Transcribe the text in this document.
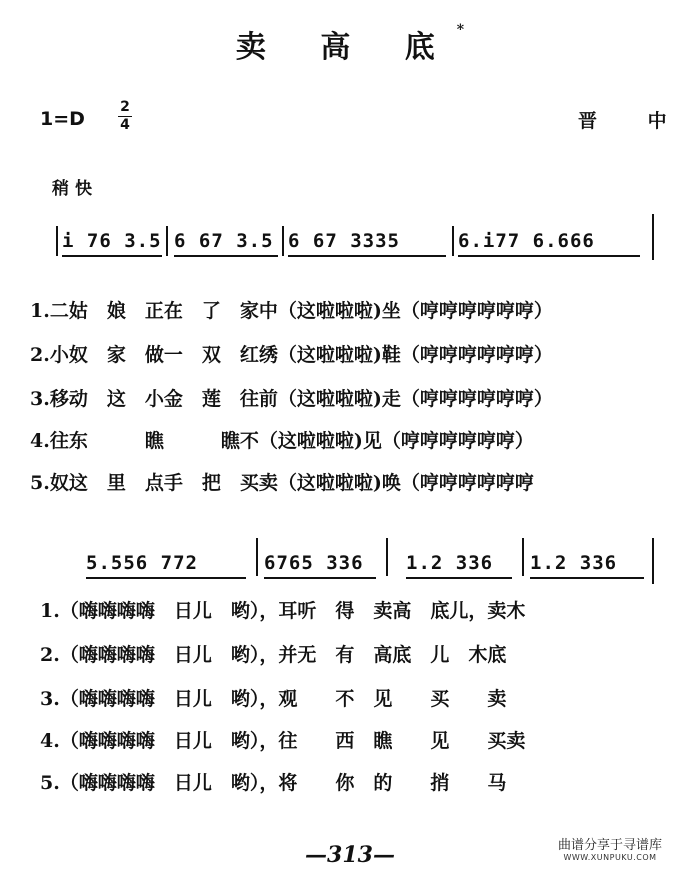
卖 高 底*
1=D
2
4	晋 中
稍快
i 76 3.5 6 67 3.5 6 67 3335	6.i77 6.666
1.二姑　娘　正在　了　家中（这啦啦啦)坐（哼哼哼哼哼哼）
2.小奴　家　做一　双　红绣（这啦啦啦)鞋（哼哼哼哼哼哼）
3.移动　这　小金　莲　往前（这啦啦啦)走（哼哼哼哼哼哼）
4.往东　　　瞧　　　瞧不（这啦啦啦)见（哼哼哼哼哼哼）
5.奴这　里　点手　把　买卖（这啦啦啦)唤（哼哼哼哼哼哼
5.556 772	6765 336 1.2 336 1.2 336
1.（嗨嗨嗨嗨　日儿　哟），耳听　得　卖高　底儿，卖木
2.（嗨嗨嗨嗨　日儿　哟），并无　有　高底　儿　木底
3.（嗨嗨嗨嗨　日儿　哟），观　　不　见　　买　　卖
4.（嗨嗨嗨嗨　日儿　哟），往　　西　瞧　　见　　买卖
5.（嗨嗨嗨嗨　日儿　哟），将　　你　的　　捎　　马
—313—	曲谱分享于寻谱库
WWW.XUNPUKU.COM
